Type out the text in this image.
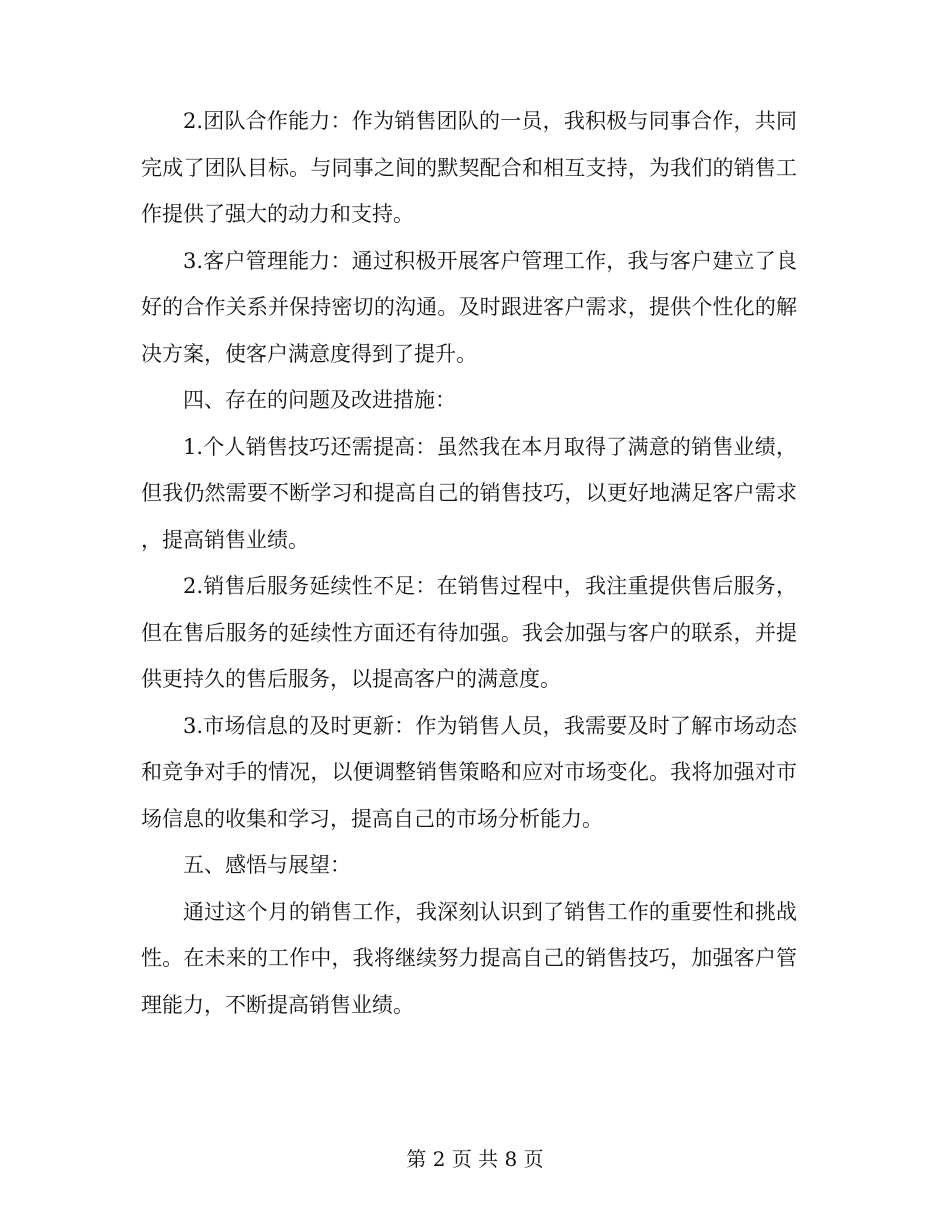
2.团队合作能力：作为销售团队的一员，我积极与同事合作，共同完成了团队目标。与同事之间的默契配合和相互支持，为我们的销售工作提供了强大的动力和支持。

3.客户管理能力：通过积极开展客户管理工作，我与客户建立了良好的合作关系并保持密切的沟通。及时跟进客户需求，提供个性化的解决方案，使客户满意度得到了提升。

四、存在的问题及改进措施：

1.个人销售技巧还需提高：虽然我在本月取得了满意的销售业绩，但我仍然需要不断学习和提高自己的销售技巧，以更好地满足客户需求，提高销售业绩。

2.销售后服务延续性不足：在销售过程中，我注重提供售后服务，但在售后服务的延续性方面还有待加强。我会加强与客户的联系，并提供更持久的售后服务，以提高客户的满意度。

3.市场信息的及时更新：作为销售人员，我需要及时了解市场动态和竞争对手的情况，以便调整销售策略和应对市场变化。我将加强对市场信息的收集和学习，提高自己的市场分析能力。

五、感悟与展望：

通过这个月的销售工作，我深刻认识到了销售工作的重要性和挑战性。在未来的工作中，我将继续努力提高自己的销售技巧，加强客户管理能力，不断提高销售业绩。

第 2 页 共 8 页
